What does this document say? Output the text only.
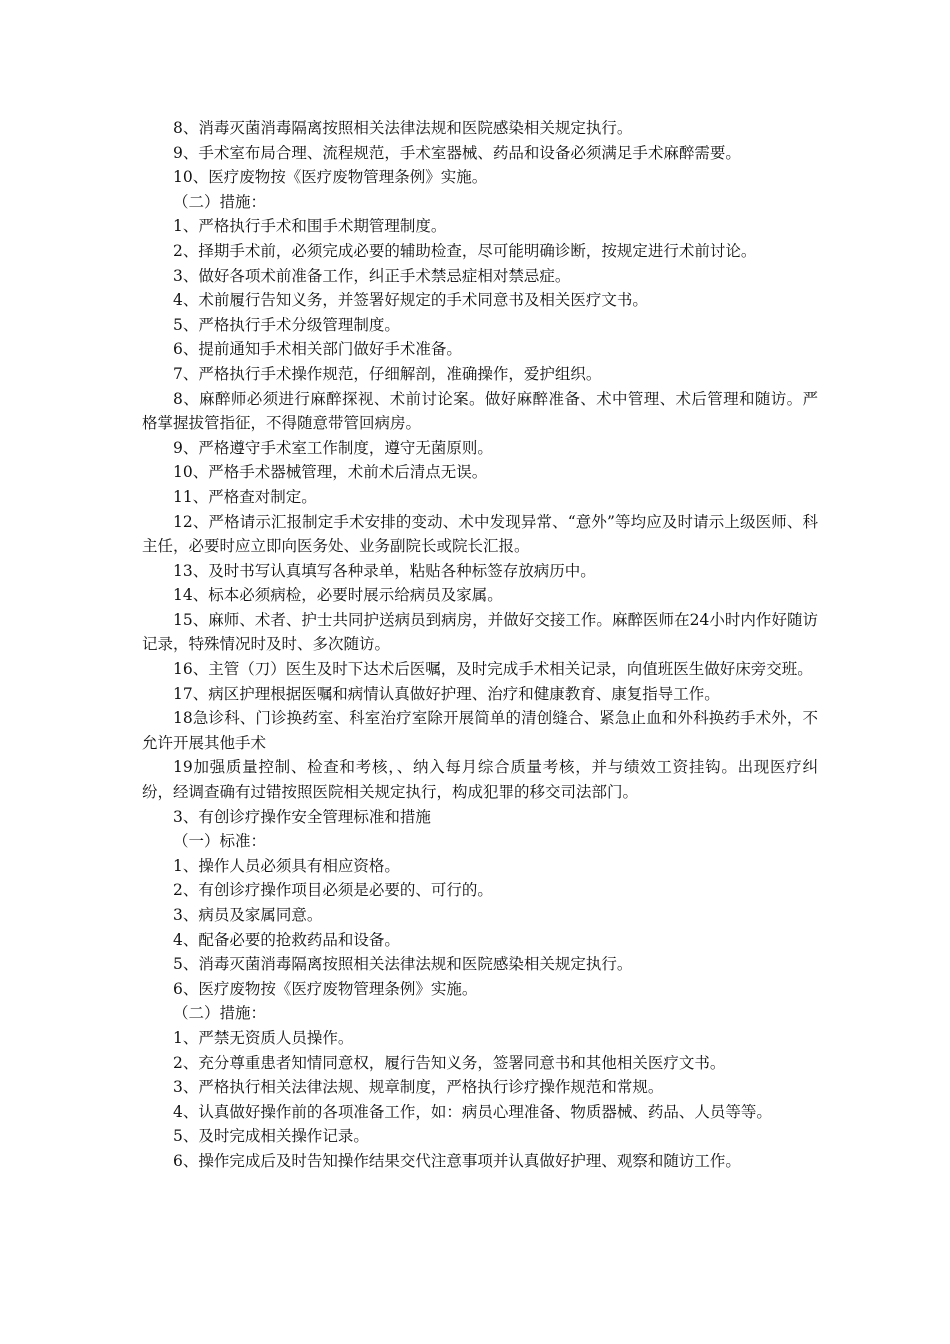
8、消毒灭菌消毒隔离按照相关法律法规和医院感染相关规定执行。

9、手术室布局合理、流程规范，手术室器械、药品和设备必须满足手术麻醉需要。

10、医疗废物按《医疗废物管理条例》实施。

（二）措施：

1、严格执行手术和围手术期管理制度。

2、择期手术前，必须完成必要的辅助检查，尽可能明确诊断，按规定进行术前讨论。

3、做好各项术前准备工作，纠正手术禁忌症相对禁忌症。

4、术前履行告知义务，并签署好规定的手术同意书及相关医疗文书。

5、严格执行手术分级管理制度。

6、提前通知手术相关部门做好手术准备。

7、严格执行手术操作规范，仔细解剖，准确操作，爱护组织。

8、麻醉师必须进行麻醉探视、术前讨论案。做好麻醉准备、术中管理、术后管理和随访。严格掌握拔管指征，不得随意带管回病房。

9、严格遵守手术室工作制度，遵守无菌原则。

10、严格手术器械管理，术前术后清点无误。

11、严格查对制定。

12、严格请示汇报制定手术安排的变动、术中发现异常、“意外”等均应及时请示上级医师、科主任，必要时应立即向医务处、业务副院长或院长汇报。

13、及时书写认真填写各种录单，粘贴各种标签存放病历中。

14、标本必须病检，必要时展示给病员及家属。

15、麻师、术者、护士共同护送病员到病房，并做好交接工作。麻醉医师在24小时内作好随访记录，特殊情况时及时、多次随访。

16、主管（刀）医生及时下达术后医嘱，及时完成手术相关记录，向值班医生做好床旁交班。

17、病区护理根据医嘱和病情认真做好护理、治疗和健康教育、康复指导工作。

18急诊科、门诊换药室、科室治疗室除开展简单的清创缝合、紧急止血和外科换药手术外，不允许开展其他手术

19加强质量控制、检查和考核，、纳入每月综合质量考核，并与绩效工资挂钩。出现医疗纠纷，经调查确有过错按照医院相关规定执行，构成犯罪的移交司法部门。

3、有创诊疗操作安全管理标准和措施

（一）标准：

1、操作人员必须具有相应资格。

2、有创诊疗操作项目必须是必要的、可行的。

3、病员及家属同意。

4、配备必要的抢救药品和设备。

5、消毒灭菌消毒隔离按照相关法律法规和医院感染相关规定执行。

6、医疗废物按《医疗废物管理条例》实施。

（二）措施：

1、严禁无资质人员操作。

2、充分尊重患者知情同意权，履行告知义务，签署同意书和其他相关医疗文书。

3、严格执行相关法律法规、规章制度，严格执行诊疗操作规范和常规。

4、认真做好操作前的各项准备工作，如：病员心理准备、物质器械、药品、人员等等。

5、及时完成相关操作记录。

6、操作完成后及时告知操作结果交代注意事项并认真做好护理、观察和随访工作。
